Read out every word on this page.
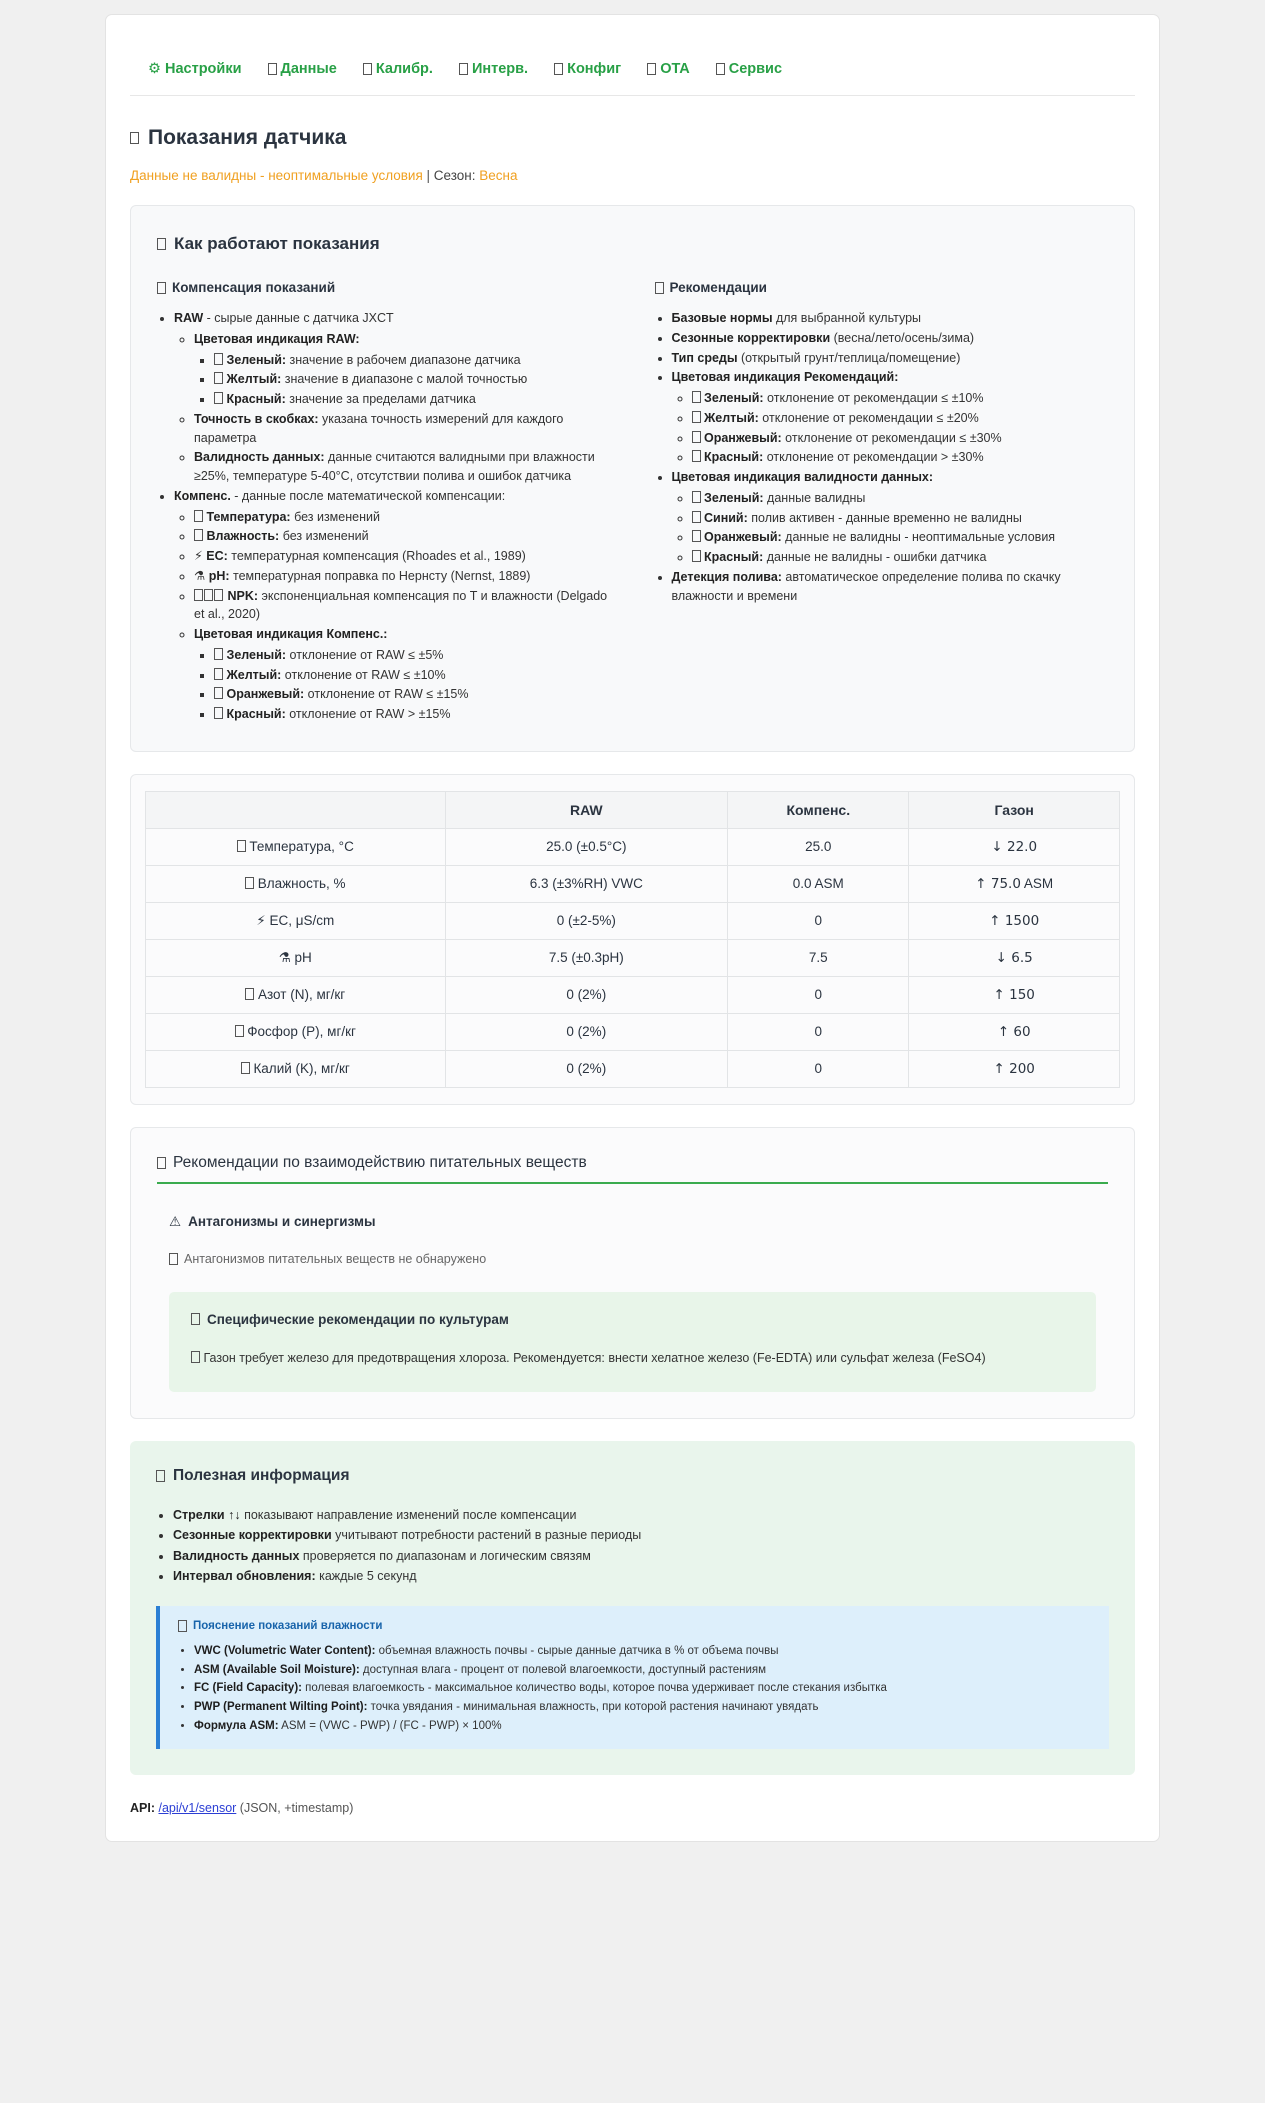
⚙ Настройки	Данные	Калибр.	Интерв.	Конфиг	OTA	Сервис
Показания датчика
Данные не валидны - неоптимальные условия | Сезон: Весна
Как работают показания
Компенсация показаний
• RAW - сырые данные с датчика JXCT
◦ Цветовая индикация RAW:
▪ Зеленый: значение в рабочем диапазоне датчика
▪ Желтый: значение в диапазоне с малой точностью
▪ Красный: значение за пределами датчика
◦ Точность в скобках: указана точность измерений для каждого параметра
◦ Валидность данных: данные считаются валидными при влажности ≥25%, температуре 5-40°C, отсутствии полива и ошибок датчика
• Компенс. - данные после математической компенсации:
◦ Температура: без изменений
◦ Влажность: без изменений
◦ ⚡ EC: температурная компенсация (Rhoades et al., 1989)
◦ ⚗ pH: температурная поправка по Нернсту (Nernst, 1889)
◦ NPK: экспоненциальная компенсация по T и влажности (Delgado et al., 2020)
◦ Цветовая индикация Компенс.:
▪ Зеленый: отклонение от RAW ≤ ±5%
▪ Желтый: отклонение от RAW ≤ ±10%
▪ Оранжевый: отклонение от RAW ≤ ±15%
▪ Красный: отклонение от RAW > ±15%
Рекомендации
• Базовые нормы для выбранной культуры
• Сезонные корректировки (весна/лето/осень/зима)
• Тип среды (открытый грунт/теплица/помещение)
• Цветовая индикация Рекомендаций:
◦ Зеленый: отклонение от рекомендации ≤ ±10%
◦ Желтый: отклонение от рекомендации ≤ ±20%
◦ Оранжевый: отклонение от рекомендации ≤ ±30%
◦ Красный: отклонение от рекомендации > ±30%
• Цветовая индикация валидности данных:
◦ Зеленый: данные валидны
◦ Синий: полив активен - данные временно не валидны
◦ Оранжевый: данные не валидны - неоптимальные условия
◦ Красный: данные не валидны - ошибки датчика
• Детекция полива: автоматическое определение полива по скачку влажности и времени
	RAW	Компенс.	Газон
Температура, °C	25.0 (±0.5°C)	25.0	↓ 22.0
Влажность, %	6.3 (±3%RH) VWC	0.0 ASM	↑ 75.0 ASM
⚡ EC, μS/cm	0 (±2-5%)	0	↑ 1500
⚗ pH	7.5 (±0.3pH)	7.5	↓ 6.5
Азот (N), мг/кг	0 (2%)	0	↑ 150
Фосфор (P), мг/кг	0 (2%)	0	↑ 60
Калий (K), мг/кг	0 (2%)	0	↑ 200
Рекомендации по взаимодействию питательных веществ
⚠ Антагонизмы и синергизмы

Антагонизмов питательных веществ не обнаружено

Специфические рекомендации по культурам

Газон требует железо для предотвращения хлороза. Рекомендуется: внести хелатное железо (Fe-EDTA) или сульфат железа (FeSO4)

Полезная информация
• Стрелки ↑↓ показывают направление изменений после компенсации
• Сезонные корректировки учитывают потребности растений в разные периоды
• Валидность данных проверяется по диапазонам и логическим связям
• Интервал обновления: каждые 5 секунд
Пояснение показаний влажности
• VWC (Volumetric Water Content): объемная влажность почвы - сырые данные датчика в % от объема почвы
• ASM (Available Soil Moisture): доступная влага - процент от полевой влагоемкости, доступный растениям
• FC (Field Capacity): полевая влагоемкость - максимальное количество воды, которое почва удерживает после стекания избытка
• PWP (Permanent Wilting Point): точка увядания - минимальная влажность, при которой растения начинают увядать
• Формула ASM: ASM = (VWC - PWP) / (FC - PWP) × 100%
API: /api/v1/sensor (JSON, +timestamp)
